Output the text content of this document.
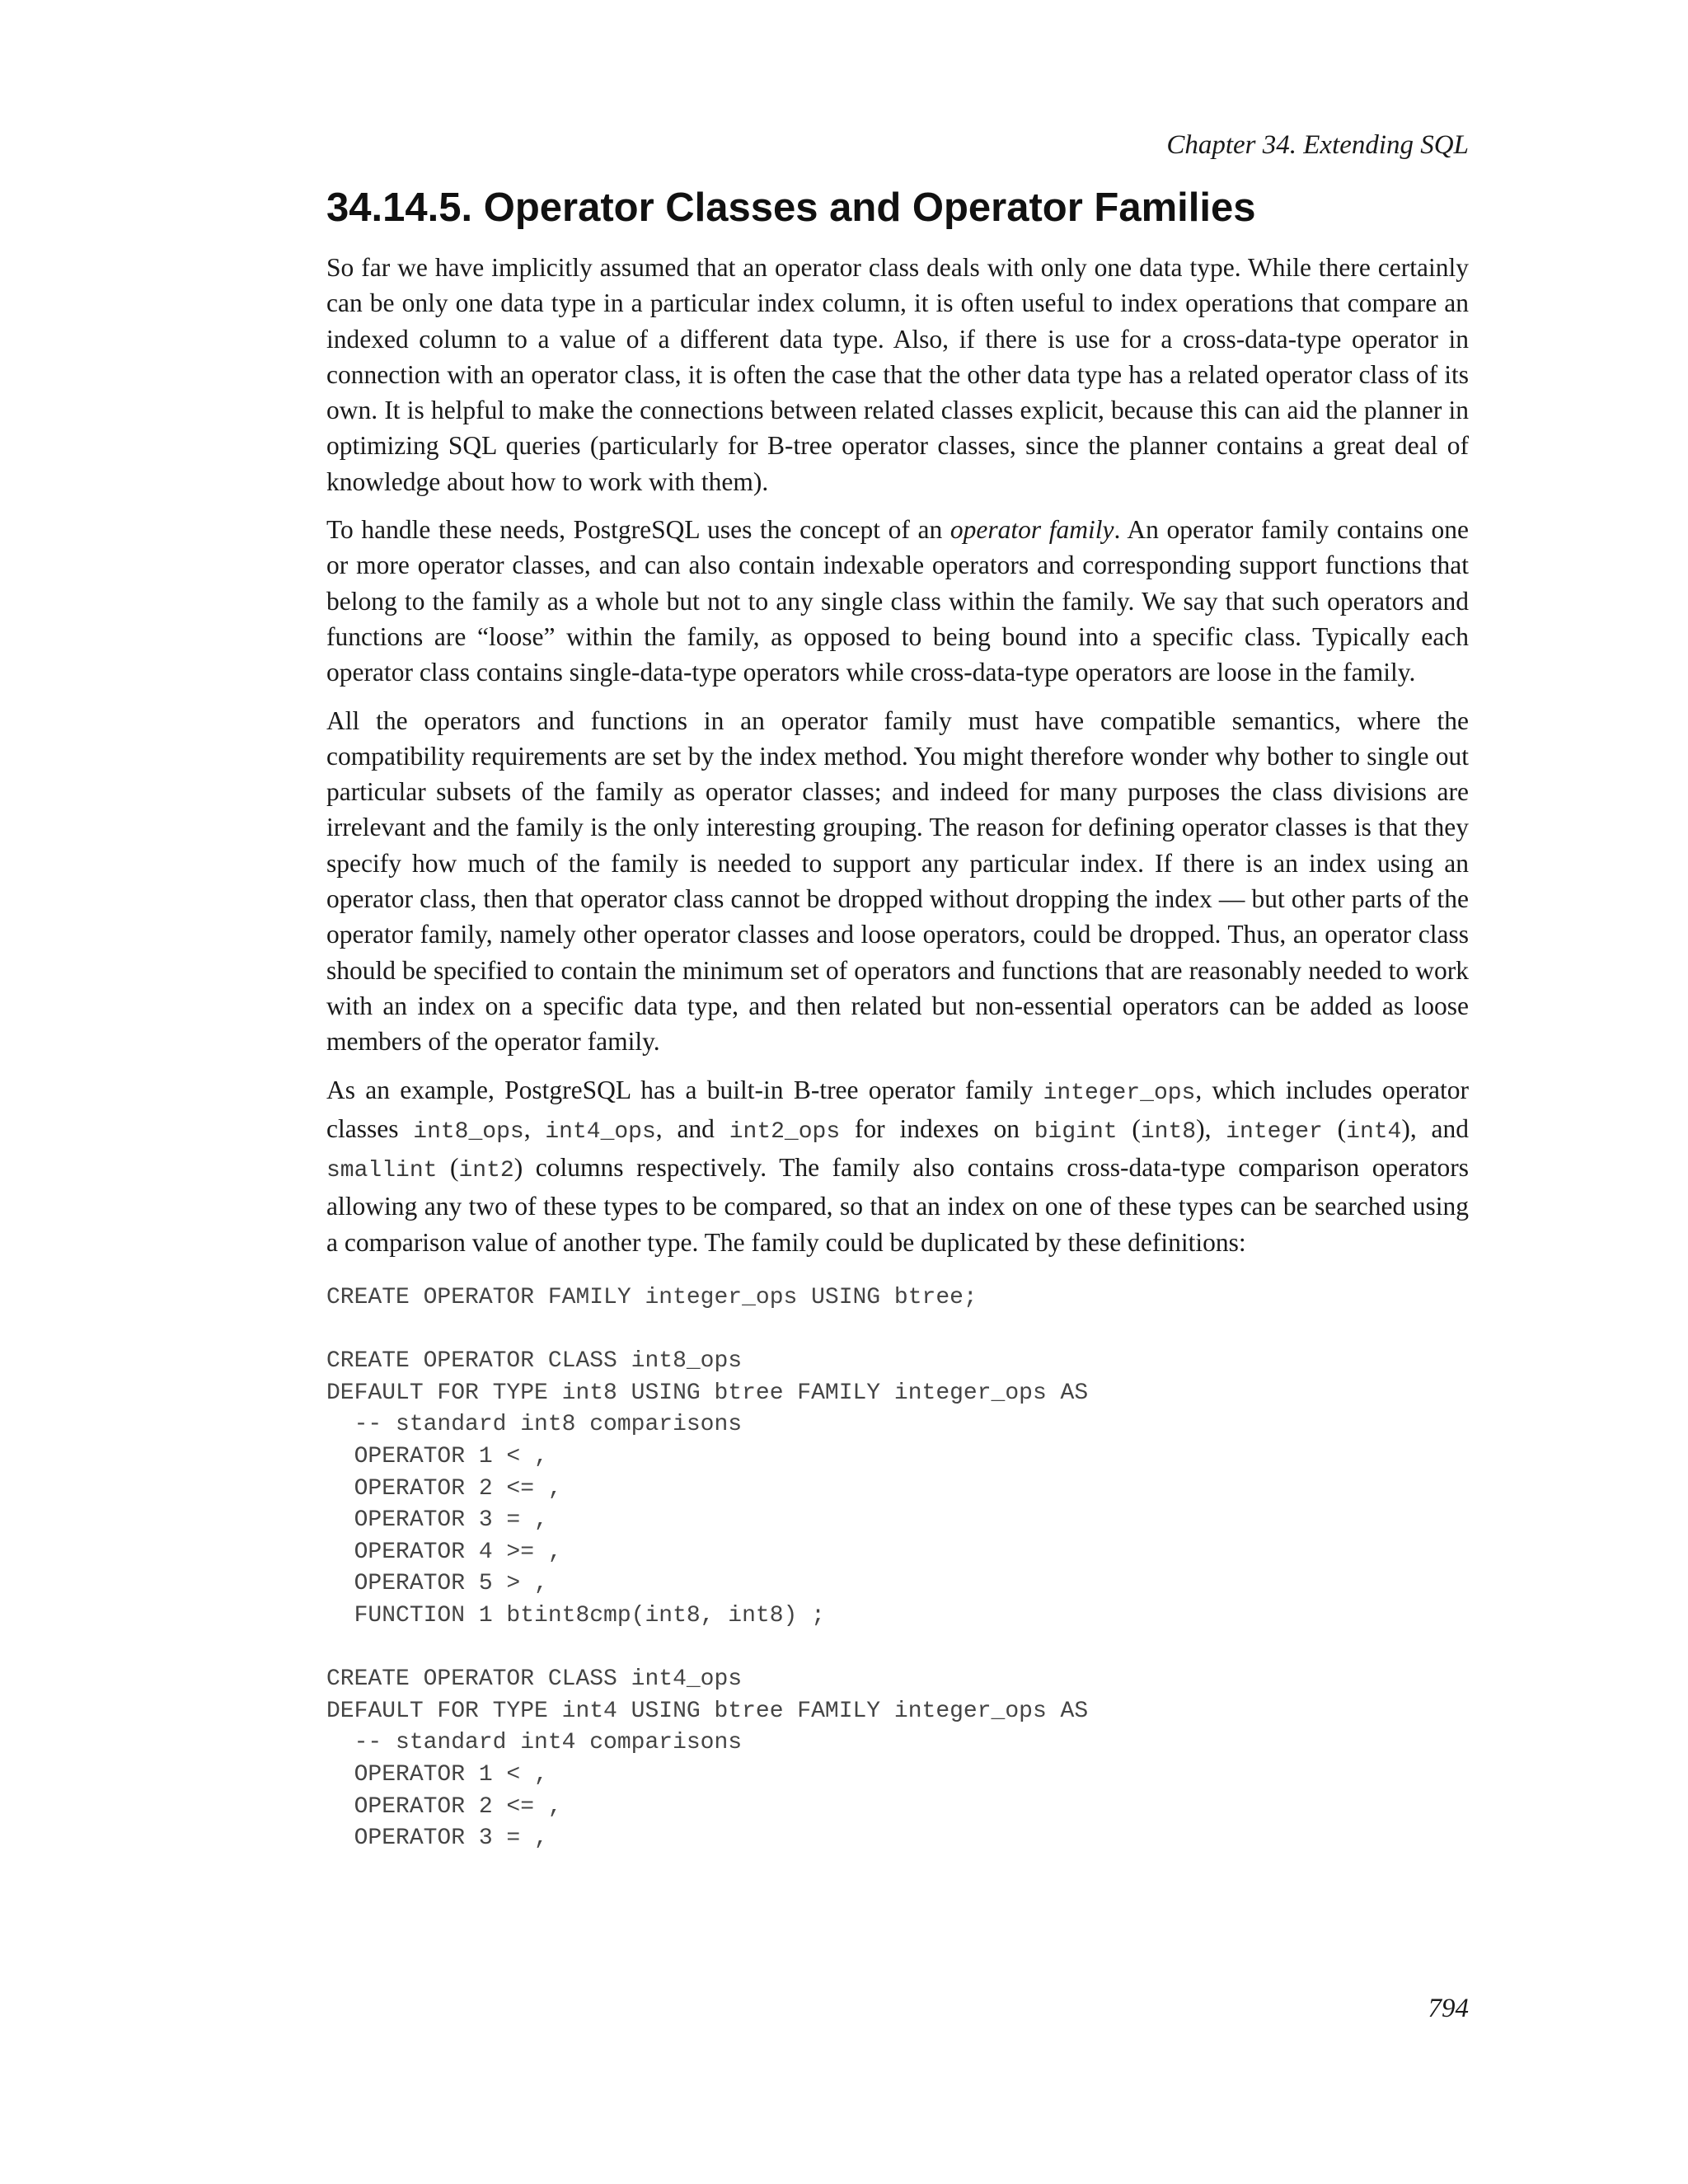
Chapter 34. Extending SQL
34.14.5. Operator Classes and Operator Families

So far we have implicitly assumed that an operator class deals with only one data type. While there certainly can be only one data type in a particular index column, it is often useful to index operations that compare an indexed column to a value of a different data type. Also, if there is use for a cross-data-type operator in connection with an operator class, it is often the case that the other data type has a related operator class of its own. It is helpful to make the connections between related classes explicit, because this can aid the planner in optimizing SQL queries (particularly for B-tree operator classes, since the planner contains a great deal of knowledge about how to work with them).

To handle these needs, PostgreSQL uses the concept of an operator family. An operator family contains one or more operator classes, and can also contain indexable operators and corresponding support functions that belong to the family as a whole but not to any single class within the family. We say that such operators and functions are “loose” within the family, as opposed to being bound into a specific class. Typically each operator class contains single-data-type operators while cross-data-type operators are loose in the family.

All the operators and functions in an operator family must have compatible semantics, where the compatibility requirements are set by the index method. You might therefore wonder why bother to single out particular subsets of the family as operator classes; and indeed for many purposes the class divisions are irrelevant and the family is the only interesting grouping. The reason for defining operator classes is that they specify how much of the family is needed to support any particular index. If there is an index using an operator class, then that operator class cannot be dropped without dropping the index — but other parts of the operator family, namely other operator classes and loose operators, could be dropped. Thus, an operator class should be specified to contain the minimum set of operators and functions that are reasonably needed to work with an index on a specific data type, and then related but non-essential operators can be added as loose members of the operator family.

As an example, PostgreSQL has a built-in B-tree operator family integer_ops, which includes operator classes int8_ops, int4_ops, and int2_ops for indexes on bigint (int8), integer (int4), and smallint (int2) columns respectively. The family also contains cross-data-type comparison operators allowing any two of these types to be compared, so that an index on one of these types can be searched using a comparison value of another type. The family could be duplicated by these definitions:

CREATE OPERATOR FAMILY integer_ops USING btree;
CREATE OPERATOR CLASS int8_ops
DEFAULT FOR TYPE int8 USING btree FAMILY integer_ops AS
-- standard int8 comparisons
OPERATOR 1 < ,
OPERATOR 2 <= ,
OPERATOR 3 = ,
OPERATOR 4 >= ,
OPERATOR 5 > ,
FUNCTION 1 btint8cmp(int8, int8) ;
CREATE OPERATOR CLASS int4_ops
DEFAULT FOR TYPE int4 USING btree FAMILY integer_ops AS
-- standard int4 comparisons
OPERATOR 1 < ,
OPERATOR 2 <= ,
OPERATOR 3 = ,
794
